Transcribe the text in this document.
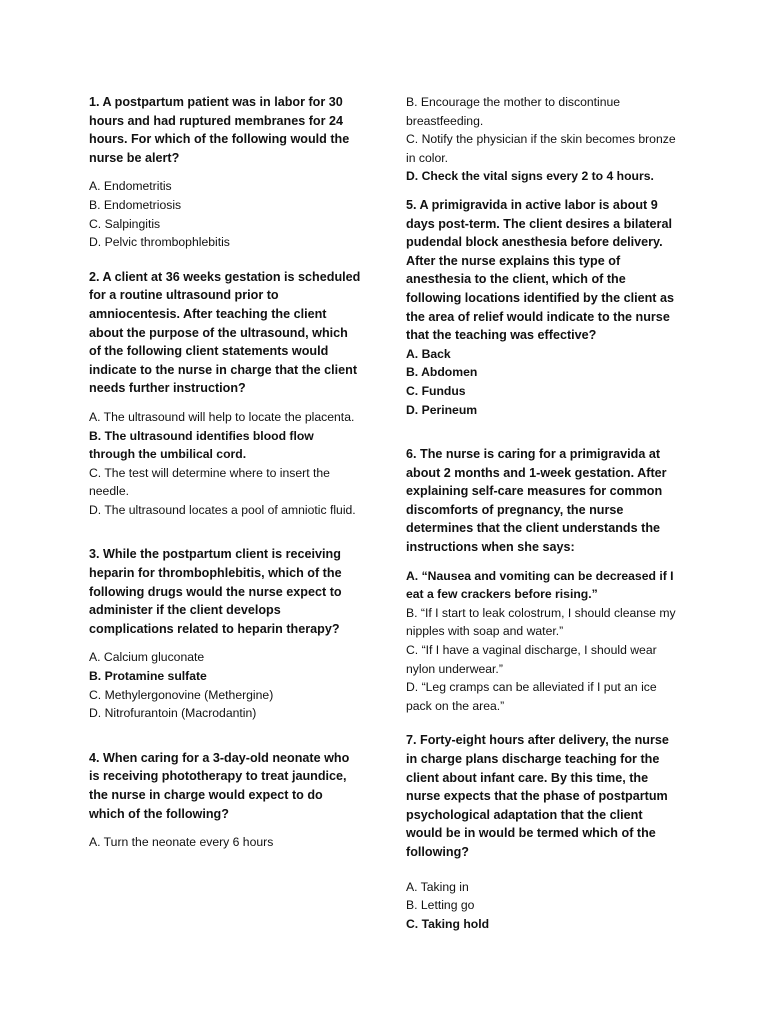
1. A postpartum patient was in labor for 30 hours and had ruptured membranes for 24 hours. For which of the following would the nurse be alert?

A. Endometritis
B. Endometriosis
C. Salpingitis
D. Pelvic thrombophlebitis

2. A client at 36 weeks gestation is scheduled for a routine ultrasound prior to amniocentesis. After teaching the client about the purpose of the ultrasound, which of the following client statements would indicate to the nurse in charge that the client needs further instruction?

A. The ultrasound will help to locate the placenta.
B. The ultrasound identifies blood flow through the umbilical cord.
C. The test will determine where to insert the needle.
D. The ultrasound locates a pool of amniotic fluid.

3. While the postpartum client is receiving heparin for thrombophlebitis, which of the following drugs would the nurse expect to administer if the client develops complications related to heparin therapy?

A. Calcium gluconate
B. Protamine sulfate
C. Methylergonovine (Methergine)
D. Nitrofurantoin (Macrodantin)

4. When caring for a 3-day-old neonate who is receiving phototherapy to treat jaundice, the nurse in charge would expect to do which of the following?

A. Turn the neonate every 6 hours
B. Encourage the mother to discontinue breastfeeding.
C. Notify the physician if the skin becomes bronze in color.
D. Check the vital signs every 2 to 4 hours.

5. A primigravida in active labor is about 9 days post-term. The client desires a bilateral pudendal block anesthesia before delivery. After the nurse explains this type of anesthesia to the client, which of the following locations identified by the client as the area of relief would indicate to the nurse that the teaching was effective?

A. Back
B. Abdomen
C. Fundus
D. Perineum

6. The nurse is caring for a primigravida at about 2 months and 1-week gestation. After explaining self-care measures for common discomforts of pregnancy, the nurse determines that the client understands the instructions when she says:

A. “Nausea and vomiting can be decreased if I eat a few crackers before rising.”
B. “If I start to leak colostrum, I should cleanse my nipples with soap and water.”
C. “If I have a vaginal discharge, I should wear nylon underwear.”
D. “Leg cramps can be alleviated if I put an ice pack on the area.”

7. Forty-eight hours after delivery, the nurse in charge plans discharge teaching for the client about infant care. By this time, the nurse expects that the phase of postpartum psychological adaptation that the client would be in would be termed which of the following?

A. Taking in
B. Letting go
C. Taking hold
